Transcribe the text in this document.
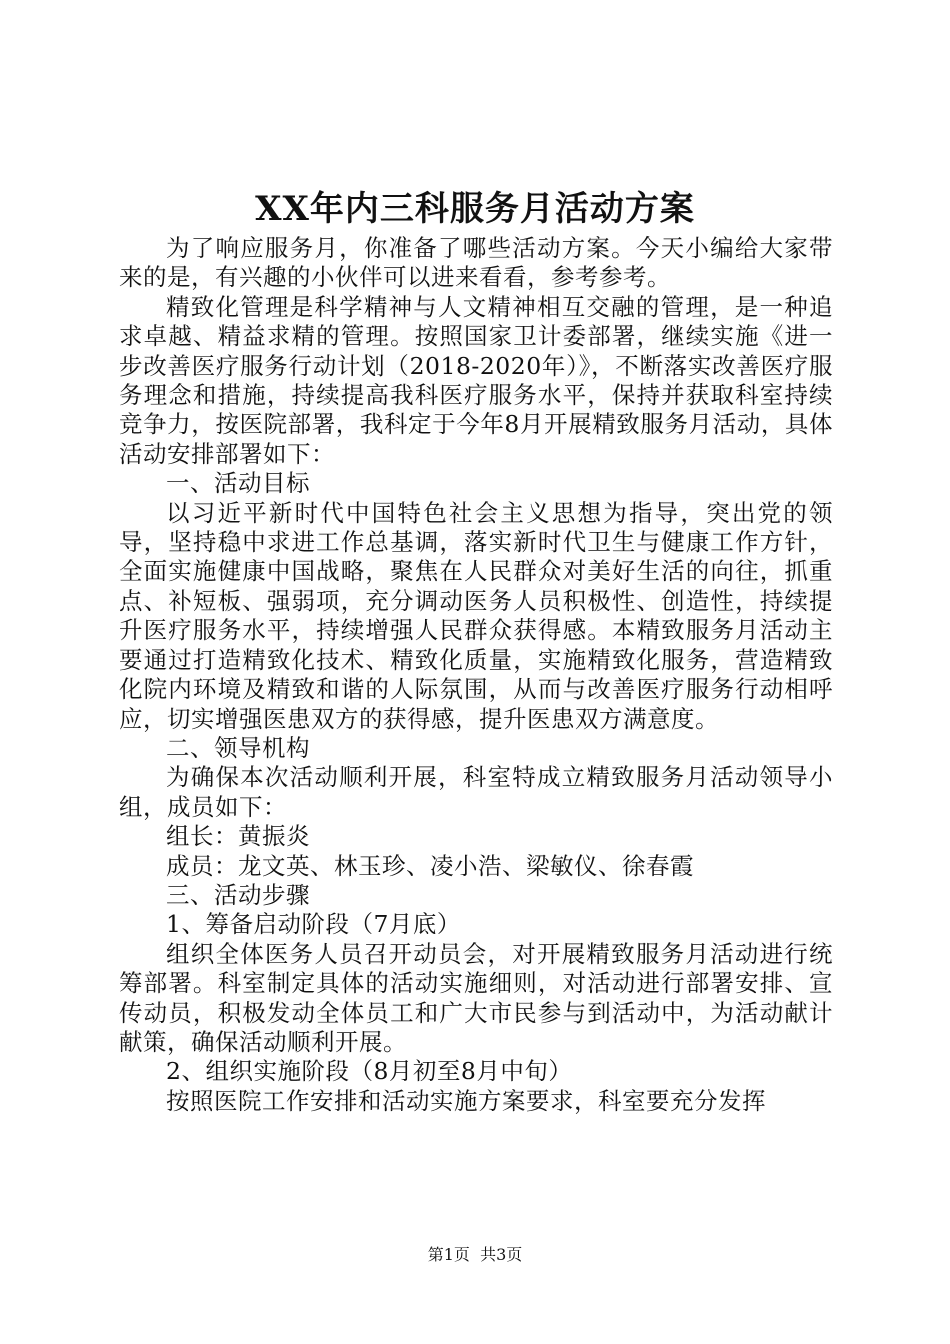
XX年内三科服务月活动方案

为了响应服务月，你准备了哪些活动方案。今天小编给大家带来的是，有兴趣的小伙伴可以进来看看，参考参考。

精致化管理是科学精神与人文精神相互交融的管理，是一种追求卓越、精益求精的管理。按照国家卫计委部署，继续实施《进一步改善医疗服务行动计划（2018-2020年）》，不断落实改善医疗服务理念和措施，持续提高我科医疗服务水平，保持并获取科室持续竞争力，按医院部署，我科定于今年8月开展精致服务月活动，具体活动安排部署如下：

一、活动目标

以习近平新时代中国特色社会主义思想为指导，突出党的领导，坚持稳中求进工作总基调，落实新时代卫生与健康工作方针，全面实施健康中国战略，聚焦在人民群众对美好生活的向往，抓重点、补短板、强弱项，充分调动医务人员积极性、创造性，持续提升医疗服务水平，持续增强人民群众获得感。本精致服务月活动主要通过打造精致化技术、精致化质量，实施精致化服务，营造精致化院内环境及精致和谐的人际氛围，从而与改善医疗服务行动相呼应，切实增强医患双方的获得感，提升医患双方满意度。

二、领导机构

为确保本次活动顺利开展，科室特成立精致服务月活动领导小组，成员如下：

组长：黄振炎

成员：龙文英、林玉珍、凌小浩、梁敏仪、徐春霞

三、活动步骤

1、筹备启动阶段（7月底）

组织全体医务人员召开动员会，对开展精致服务月活动进行统筹部署。科室制定具体的活动实施细则，对活动进行部署安排、宣传动员，积极发动全体员工和广大市民参与到活动中，为活动献计献策，确保活动顺利开展。

2、组织实施阶段（8月初至8月中旬）

按照医院工作安排和活动实施方案要求，科室要充分发挥

第1页  共3页
